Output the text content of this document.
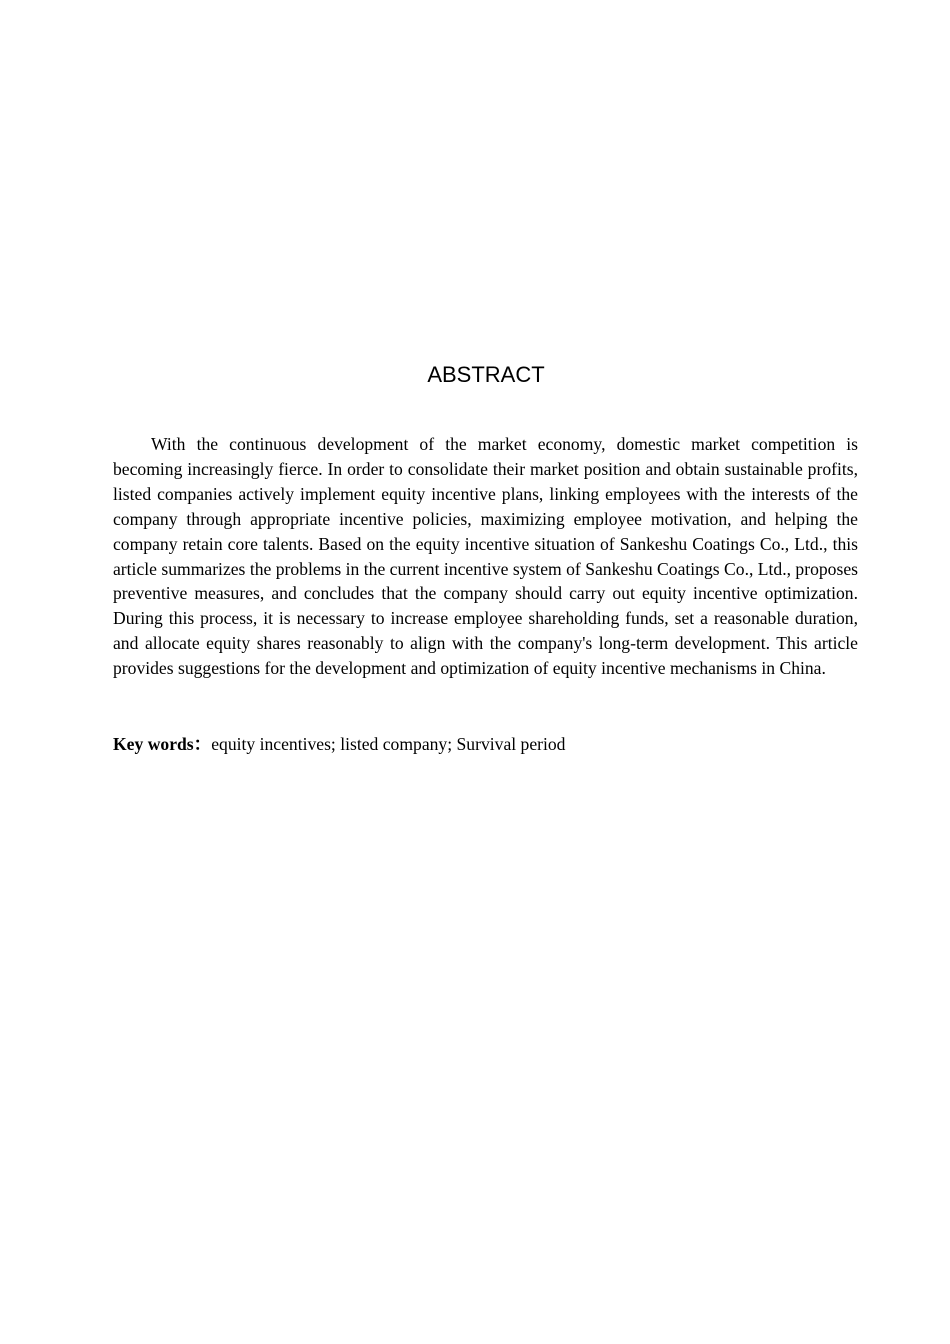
ABSTRACT

With the continuous development of the market economy, domestic market competition is becoming increasingly fierce. In order to consolidate their market position and obtain sustainable profits, listed companies actively implement equity incentive plans, linking employees with the interests of the company through appropriate incentive policies, maximizing employee motivation, and helping the company retain core talents. Based on the equity incentive situation of Sankeshu Coatings Co., Ltd., this article summarizes the problems in the current incentive system of Sankeshu Coatings Co., Ltd., proposes preventive measures, and concludes that the company should carry out equity incentive optimization. During this process, it is necessary to increase employee shareholding funds, set a reasonable duration, and allocate equity shares reasonably to align with the company's long-term development. This article provides suggestions for the development and optimization of equity incentive mechanisms in China.

Key words：equity incentives; listed company; Survival period
